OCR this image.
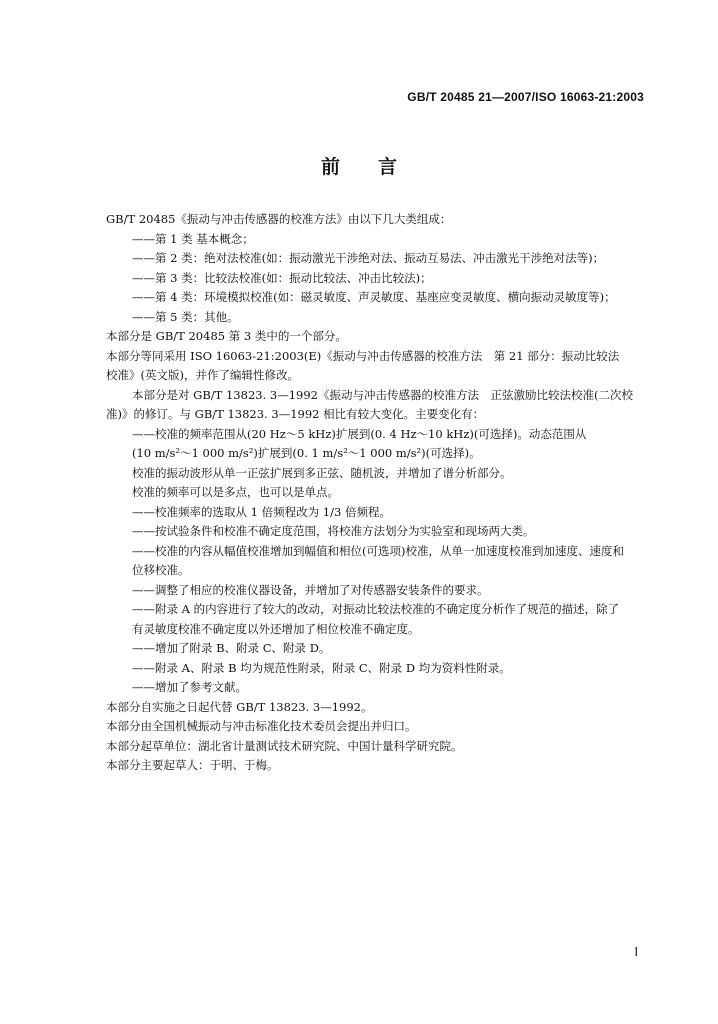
GB/T 20485 21—2007/ISO 16063-21:2003
前言
GB/T 20485《振动与冲击传感器的校准方法》由以下几大类组成：
——第 1 类 基本概念；
——第 2 类：绝对法校准(如：振动激光干涉绝对法、振动互易法、冲击激光干涉绝对法等)；
——第 3 类：比较法校准(如：振动比较法、冲击比较法)；
——第 4 类：环境模拟校准(如：磁灵敏度、声灵敏度、基座应变灵敏度、横向振动灵敏度等)；
——第 5 类：其他。
本部分是 GB/T 20485 第 3 类中的一个部分。
本部分等同采用 ISO 16063-21:2003(E)《振动与冲击传感器的校准方法　第 21 部分：振动比较法
校准》(英文版)，并作了编辑性修改。
本部分是对 GB/T 13823. 3—1992《振动与冲击传感器的校准方法　正弦激励比较法校准(二次校
准)》的修订。与 GB/T 13823. 3—1992 相比有较大变化。主要变化有：
——校准的频率范围从(20 Hz～5 kHz)扩展到(0. 4 Hz～10 kHz)(可选择)。动态范围从
(10 m/s²～1 000 m/s²)扩展到(0. 1 m/s²～1 000 m/s²)(可选择)。
校准的振动波形从单一正弦扩展到多正弦、随机波，并增加了谱分析部分。
校准的频率可以是多点，也可以是单点。
——校准频率的选取从 1 倍频程改为 1/3 倍频程。
——按试验条件和校准不确定度范围，将校准方法划分为实验室和现场两大类。
——校准的内容从幅值校准增加到幅值和相位(可选项)校准，从单一加速度校准到加速度、速度和
位移校准。
——调整了相应的校准仪器设备，并增加了对传感器安装条件的要求。
——附录 A 的内容进行了较大的改动，对振动比较法校准的不确定度分析作了规范的描述，除了
有灵敏度校准不确定度以外还增加了相位校准不确定度。
——增加了附录 B、附录 C、附录 D。
——附录 A、附录 B 均为规范性附录，附录 C、附录 D 均为资料性附录。
——增加了参考文献。
本部分自实施之日起代替 GB/T 13823. 3—1992。
本部分由全国机械振动与冲击标准化技术委员会提出并归口。
本部分起草单位：湖北省计量测试技术研究院、中国计量科学研究院。
本部分主要起草人：于明、于梅。
Ⅰ
